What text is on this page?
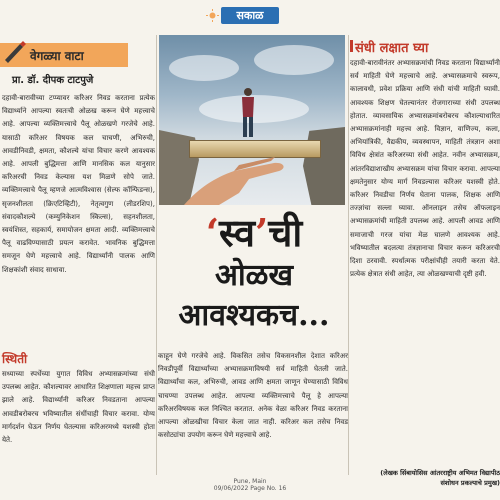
सकाळ
वेगळ्या वाटा
प्रा. डॉ. दीपक टाटपुजे
दहावी-बारावीच्या टप्प्यावर करिअर निवड करताना प्रत्येक विद्यार्थ्याने आपल्या स्वतःची ओळख करून घेणे महत्त्वाचे आहे. आपल्या व्यक्तिमत्त्वाचे पैलू ओळखणे गरजेचे आहे. यासाठी करिअर विषयक कल चाचणी, अभिरुची, आवडीनिवडी, क्षमता, कौशल्ये यांचा विचार करणे आवश्यक आहे. आपली बुद्धिमत्ता आणि मानसिक कल यानुसार करिअरची निवड केल्यास यश मिळणे सोपे जाते. व्यक्तिमत्त्वाचे पैलू म्हणजे आत्मविश्वास (सेल्फ कॉन्फिडन्स), सृजनशीलता (क्रिएटिव्हिटी), नेतृत्वगुण (लीडरशिप), संवादकौशल्ये (कम्युनिकेशन स्किल्स), सहनशीलता, स्वयंशिस्त, सहकार्य, समायोजन क्षमता आदी. व्यक्तिमत्त्वाचे पैलू वाढविण्यासाठी प्रयत्न करावेत. भावनिक बुद्धिमत्ता समजून घेणे महत्त्वाचे आहे. विद्यार्थ्यांनी पालक आणि शिक्षकांशी संवाद साधावा.
स्थिती
सध्याच्या स्पर्धेच्या युगात विविध अभ्यासक्रमांच्या संधी उपलब्ध आहेत. कौशल्यावर आधारित शिक्षणाला महत्त्व प्राप्त झाले आहे. विद्यार्थ्यांनी करिअर निवडताना आपल्या आवडीबरोबरच भविष्यातील संधींचाही विचार करावा. योग्य मार्गदर्शन घेऊन निर्णय घेतल्यास करिअरमध्ये यशस्वी होता येते.
‘स्व’ची
ओळख
आवश्यकच...
काहून घेणे गरजेचे आहे. विकसित तसेच विकसनशील देशात करिअर निवडीपूर्वी विद्यार्थ्यांच्या अभ्यासक्रमाविषयी सर्व माहिती घेतली जाते. विद्यार्थ्यांचा कल, अभिरुची, आवड आणि क्षमता जाणून घेण्यासाठी विविध चाचण्या उपलब्ध आहेत. आपल्या व्यक्तिमत्त्वाचे पैलू हे आपल्या करिअरविषयक कल निश्चित करतात. अनेक वेळा करिअर निवड करताना आपल्या ओळखीचा विचार केला जात नाही. करिअर कल तसेच निवड कसोट्यांचा उपयोग करून घेणे महत्त्वाचे आहे.
संधी लक्षात घ्या
दहावी-बारावीनंतर अभ्यासक्रमांची निवड करताना विद्यार्थ्यांनी सर्व माहिती घेणे महत्त्वाचे आहे. अभ्यासक्रमाचे स्वरूप, कालावधी, प्रवेश प्रक्रिया आणि संधी यांची माहिती घ्यावी. आवश्यक शिक्षण घेतल्यानंतर रोजगाराच्या संधी उपलब्ध होतात. व्यावसायिक अभ्यासक्रमांबरोबरच कौशल्याधारित अभ्यासक्रमांनाही महत्त्व आहे. विज्ञान, वाणिज्य, कला, अभियांत्रिकी, वैद्यकीय, व्यवस्थापन, माहिती तंत्रज्ञान अशा विविध क्षेत्रांत करिअरच्या संधी आहेत. नवीन अभ्यासक्रम, आंतरविद्याशाखीय अभ्यासक्रम यांचा विचार करावा. आपल्या क्षमतेनुसार योग्य मार्ग निवडल्यास करिअर यशस्वी होते. करिअर निवडीचा निर्णय घेताना पालक, शिक्षक आणि तज्ज्ञांचा सल्ला घ्यावा. ऑनलाइन तसेच ऑफलाइन अभ्यासक्रमांची माहिती उपलब्ध आहे. आपली आवड आणि समाजाची गरज यांचा मेळ घालणे आवश्यक आहे. भविष्यातील बदलत्या तंत्रज्ञानाचा विचार करून करिअरची दिशा ठरवावी. स्पर्धात्मक परीक्षांचीही तयारी करता येते. प्रत्येक क्षेत्रात संधी आहेत, त्या ओळखण्याची दृष्टी हवी.
(लेखक सिंबायोसिस आंतरराष्ट्रीय अभिमत विद्यापीठ
संशोधन प्रकल्पाचे प्रमुख)
Pune, Main
09/06/2022 Page No. 16
